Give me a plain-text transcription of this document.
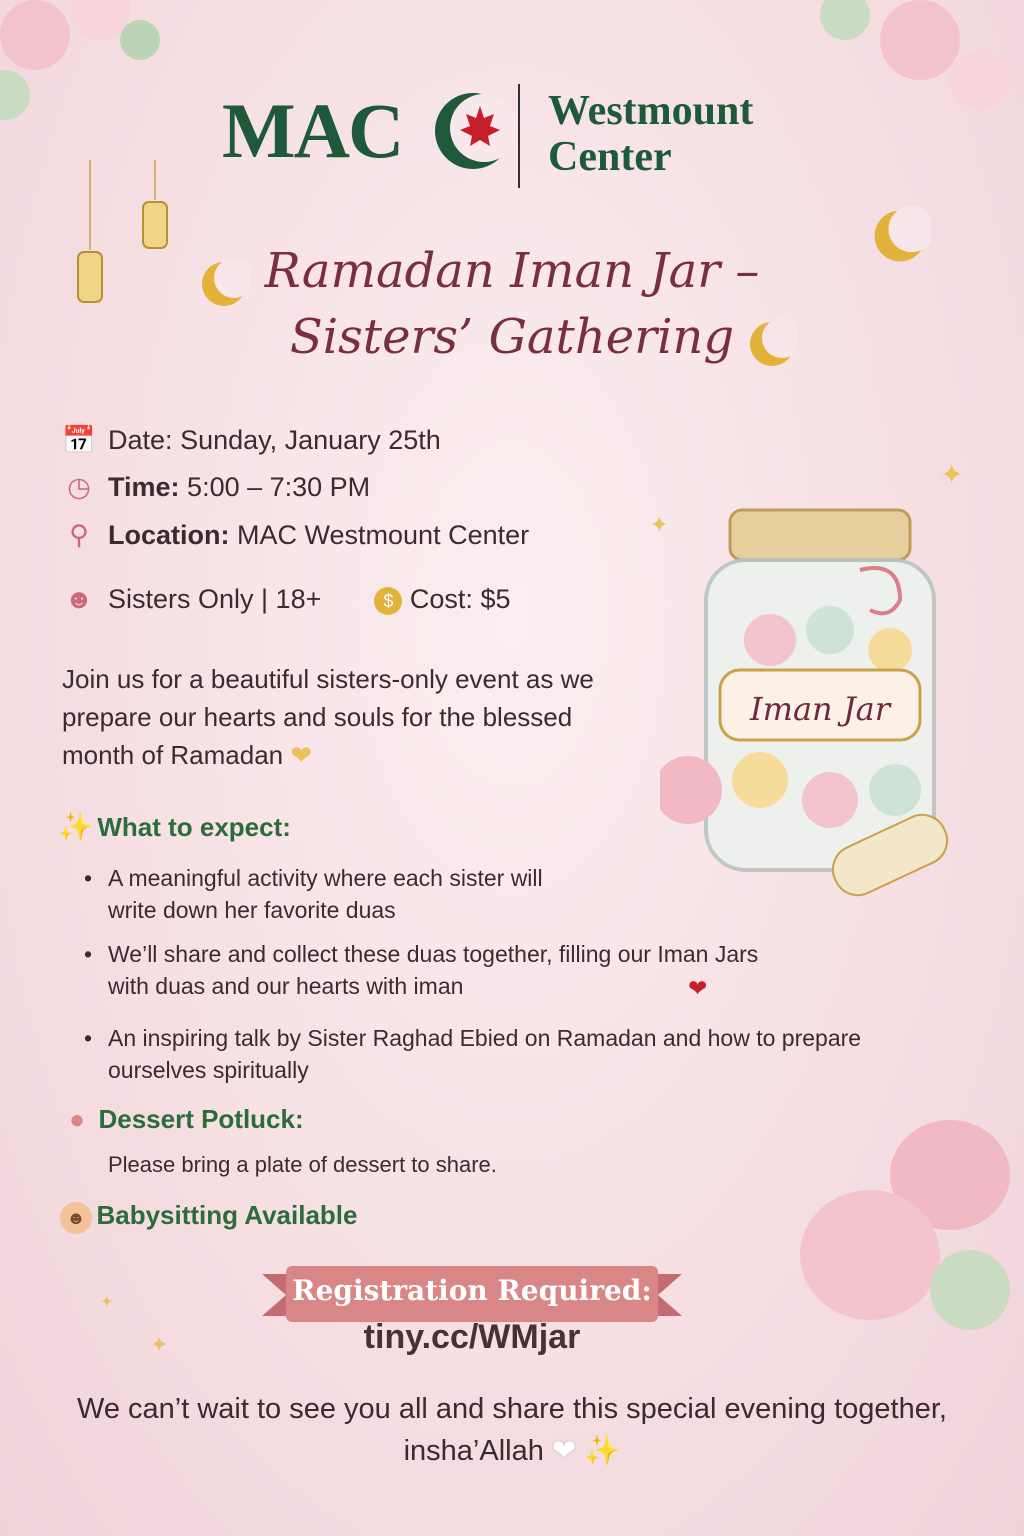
MAC	Westmount
Center
Ramadan Iman Jar –
Sisters’ Gathering
📅 Date: Sunday, January 25th
◷ Time: 5:00 – 7:30 PM
⚲ Location: MAC Westmount Center
☻ Sisters Only | 18+	$ Cost: $5
Join us for a beautiful sisters-only event as we prepare our hearts and souls for the blessed month of Ramadan ❤
✨ What to expect:
• A meaningful activity where each sister will write down her favorite duas
• We’ll share and collect these duas together, filling our Iman Jars with duas and our hearts with iman	❤
• An inspiring talk by Sister Raghad Ebied on Ramadan and how to prepare ourselves spiritually
● Dessert Potluck:
Please bring a plate of dessert to share.
☻ Babysitting Available
Iman Jar
✦
✦
✦
✦	Registration Required:
tiny.cc/WMjar
We can’t wait to see you all and share this special evening together, insha’Allah ❤ ✨
